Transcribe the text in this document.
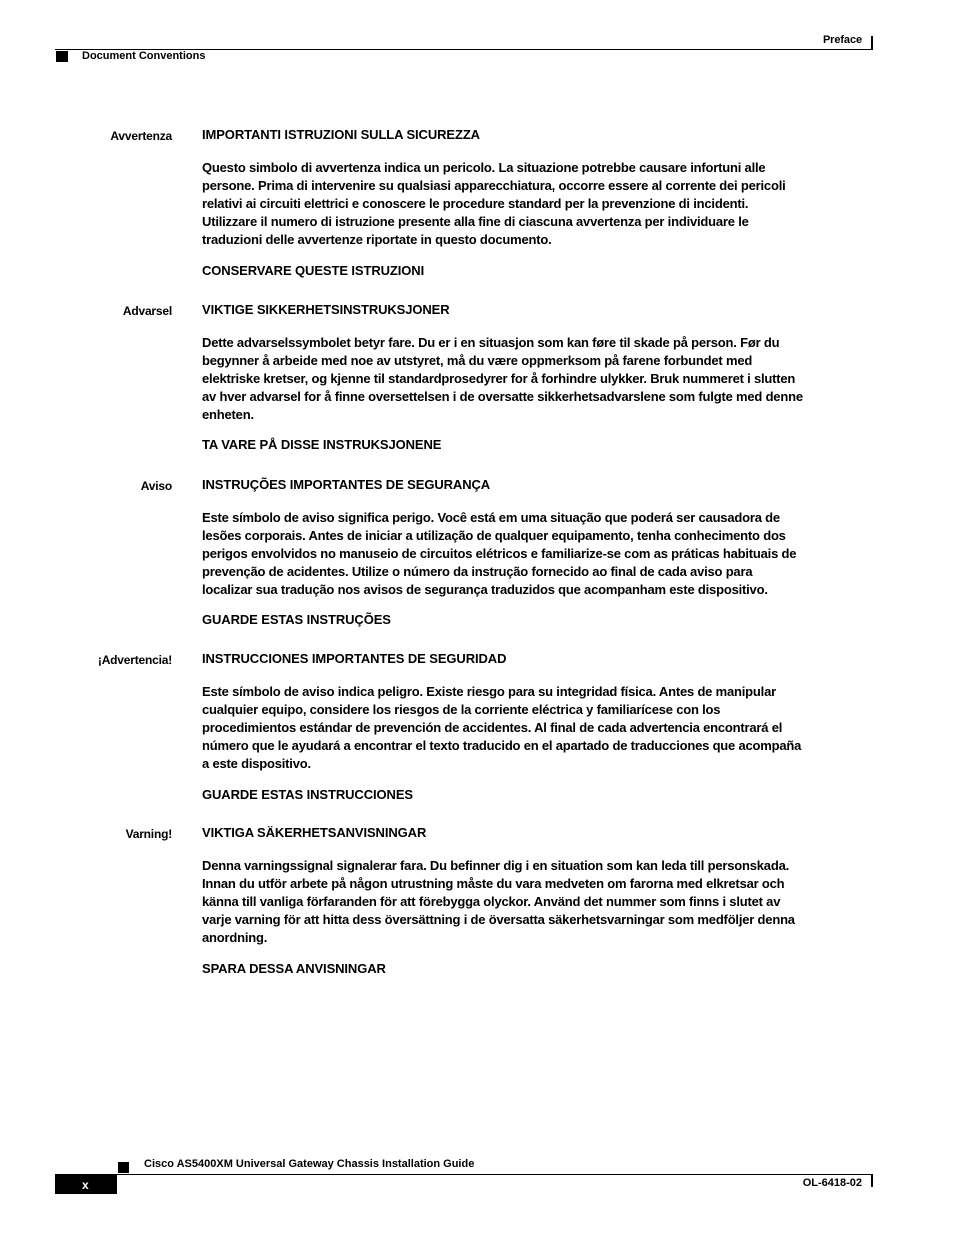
Preface
Document Conventions
Avvertenza IMPORTANTI ISTRUZIONI SULLA SICUREZZA
Questo simbolo di avvertenza indica un pericolo. La situazione potrebbe causare infortuni alle
persone. Prima di intervenire su qualsiasi apparecchiatura, occorre essere al corrente dei pericoli
relativi ai circuiti elettrici e conoscere le procedure standard per la prevenzione di incidenti.
Utilizzare il numero di istruzione presente alla fine di ciascuna avvertenza per individuare le
traduzioni delle avvertenze riportate in questo documento.
CONSERVARE QUESTE ISTRUZIONI
Advarsel VIKTIGE SIKKERHETSINSTRUKSJONER
Dette advarselssymbolet betyr fare. Du er i en situasjon som kan føre til skade på person. Før du
begynner å arbeide med noe av utstyret, må du være oppmerksom på farene forbundet med
elektriske kretser, og kjenne til standardprosedyrer for å forhindre ulykker. Bruk nummeret i slutten
av hver advarsel for å finne oversettelsen i de oversatte sikkerhetsadvarslene som fulgte med denne
enheten.
TA VARE PÅ DISSE INSTRUKSJONENE
Aviso INSTRUÇÕES IMPORTANTES DE SEGURANÇA
Este símbolo de aviso significa perigo. Você está em uma situação que poderá ser causadora de
lesões corporais. Antes de iniciar a utilização de qualquer equipamento, tenha conhecimento dos
perigos envolvidos no manuseio de circuitos elétricos e familiarize-se com as práticas habituais de
prevenção de acidentes. Utilize o número da instrução fornecido ao final de cada aviso para
localizar sua tradução nos avisos de segurança traduzidos que acompanham este dispositivo.
GUARDE ESTAS INSTRUÇÕES
¡Advertencia! INSTRUCCIONES IMPORTANTES DE SEGURIDAD
Este símbolo de aviso indica peligro. Existe riesgo para su integridad física. Antes de manipular
cualquier equipo, considere los riesgos de la corriente eléctrica y familiarícese con los
procedimientos estándar de prevención de accidentes. Al final de cada advertencia encontrará el
número que le ayudará a encontrar el texto traducido en el apartado de traducciones que acompaña
a este dispositivo.
GUARDE ESTAS INSTRUCCIONES
Varning! VIKTIGA SÄKERHETSANVISNINGAR
Denna varningssignal signalerar fara. Du befinner dig i en situation som kan leda till personskada.
Innan du utför arbete på någon utrustning måste du vara medveten om farorna med elkretsar och
känna till vanliga förfaranden för att förebygga olyckor. Använd det nummer som finns i slutet av
varje varning för att hitta dess översättning i de översatta säkerhetsvarningar som medföljer denna
anordning.
SPARA DESSA ANVISNINGAR
Cisco AS5400XM Universal Gateway Chassis Installation Guide
x	OL-6418-02
